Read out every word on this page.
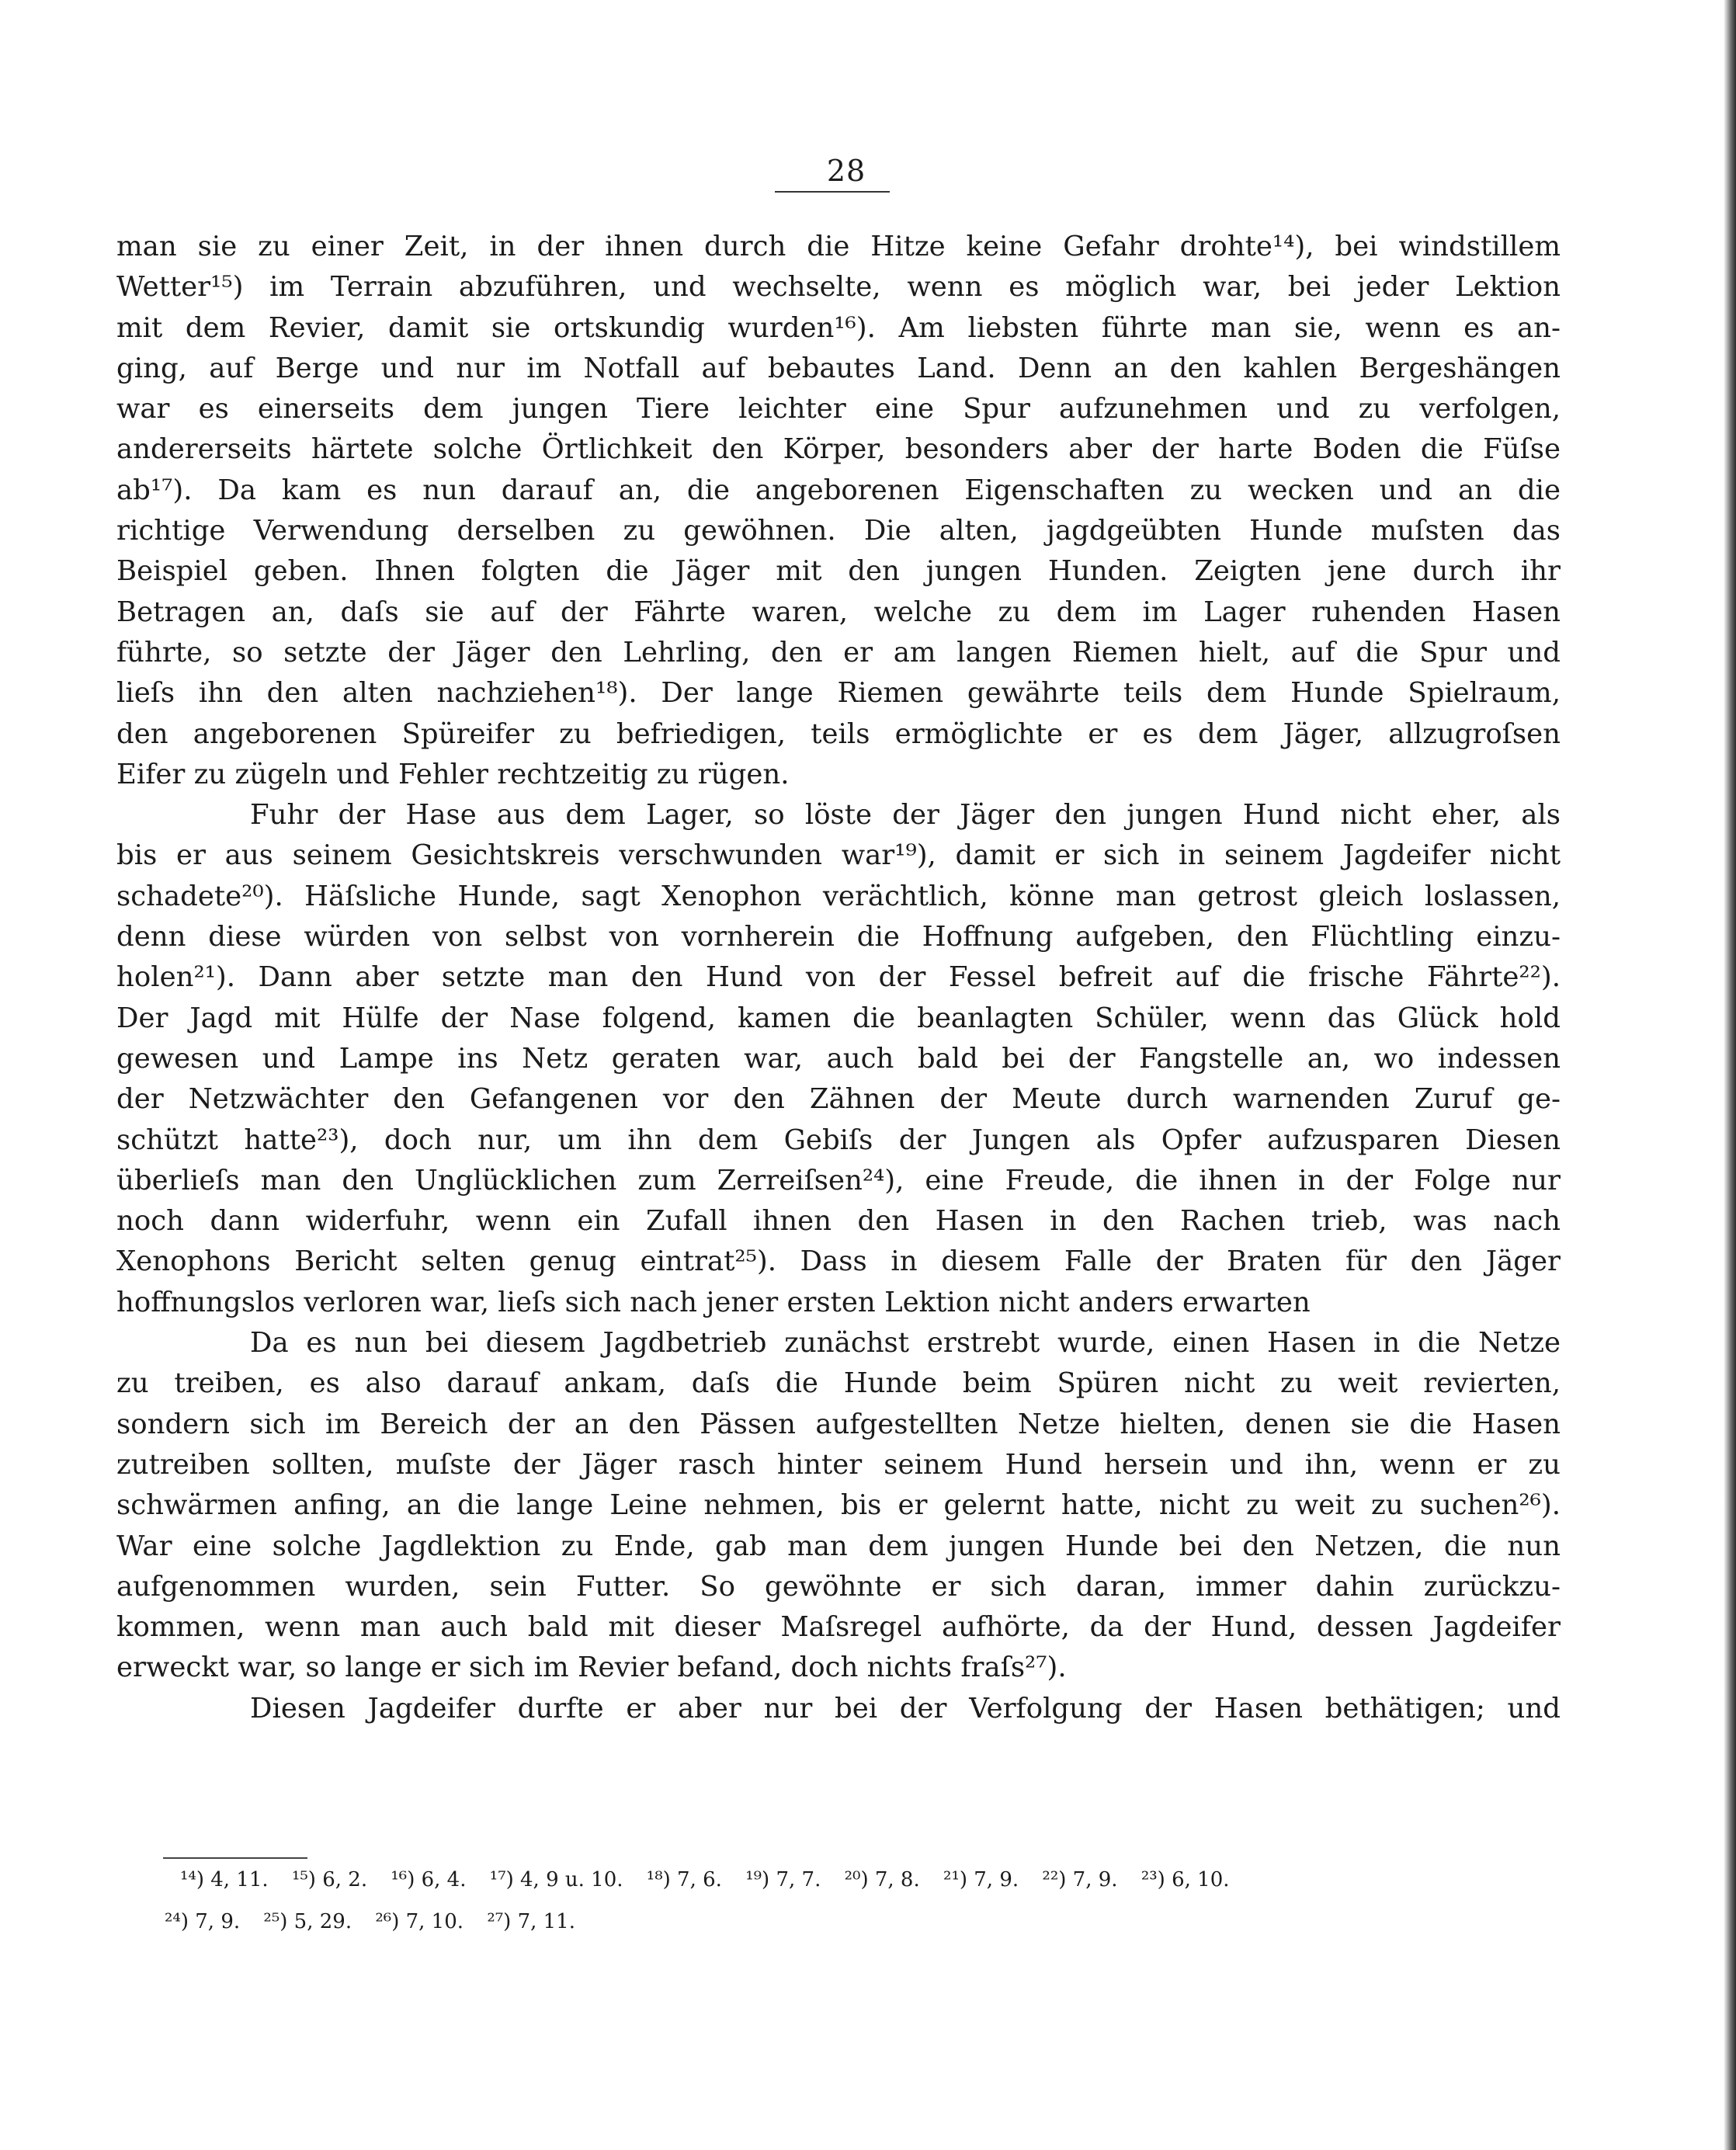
28
man sie zu einer Zeit, in der ihnen durch die Hitze keine Gefahr drohte¹⁴), bei windstillem
Wetter¹⁵) im Terrain abzuführen, und wechselte, wenn es möglich war, bei jeder Lektion
mit dem Revier, damit sie ortskundig wurden¹⁶). Am liebsten führte man sie, wenn es an-
ging, auf Berge und nur im Notfall auf bebautes Land. Denn an den kahlen Bergeshängen
war es einerseits dem jungen Tiere leichter eine Spur aufzunehmen und zu verfolgen,
andererseits härtete solche Örtlichkeit den Körper, besonders aber der harte Boden die Füſse
ab¹⁷). Da kam es nun darauf an, die angeborenen Eigenschaften zu wecken und an die
richtige Verwendung derselben zu gewöhnen. Die alten, jagdgeübten Hunde muſsten das
Beispiel geben. Ihnen folgten die Jäger mit den jungen Hunden. Zeigten jene durch ihr
Betragen an, daſs sie auf der Fährte waren, welche zu dem im Lager ruhenden Hasen
führte, so setzte der Jäger den Lehrling, den er am langen Riemen hielt, auf die Spur und
lieſs ihn den alten nachziehen¹⁸). Der lange Riemen gewährte teils dem Hunde Spielraum,
den angeborenen Spüreifer zu befriedigen, teils ermöglichte er es dem Jäger, allzugroſsen
Eifer zu zügeln und Fehler rechtzeitig zu rügen.
Fuhr der Hase aus dem Lager, so löste der Jäger den jungen Hund nicht eher, als
bis er aus seinem Gesichtskreis verschwunden war¹⁹), damit er sich in seinem Jagdeifer nicht
schadete²⁰). Häſsliche Hunde, sagt Xenophon verächtlich, könne man getrost gleich loslassen,
denn diese würden von selbst von vornherein die Hoffnung aufgeben, den Flüchtling einzu-
holen²¹). Dann aber setzte man den Hund von der Fessel befreit auf die frische Fährte²²).
Der Jagd mit Hülfe der Nase folgend, kamen die beanlagten Schüler, wenn das Glück hold
gewesen und Lampe ins Netz geraten war, auch bald bei der Fangstelle an, wo indessen
der Netzwächter den Gefangenen vor den Zähnen der Meute durch warnenden Zuruf ge-
schützt hatte²³), doch nur, um ihn dem Gebiſs der Jungen als Opfer aufzusparen Diesen
überlieſs man den Unglücklichen zum Zerreiſsen²⁴), eine Freude, die ihnen in der Folge nur
noch dann widerfuhr, wenn ein Zufall ihnen den Hasen in den Rachen trieb, was nach
Xenophons Bericht selten genug eintrat²⁵). Dass in diesem Falle der Braten für den Jäger
hoffnungslos verloren war, lieſs sich nach jener ersten Lektion nicht anders erwarten
Da es nun bei diesem Jagdbetrieb zunächst erstrebt wurde, einen Hasen in die Netze
zu treiben, es also darauf ankam, daſs die Hunde beim Spüren nicht zu weit revierten,
sondern sich im Bereich der an den Pässen aufgestellten Netze hielten, denen sie die Hasen
zutreiben sollten, muſste der Jäger rasch hinter seinem Hund hersein und ihn, wenn er zu
schwärmen anfing, an die lange Leine nehmen, bis er gelernt hatte, nicht zu weit zu suchen²⁶).
War eine solche Jagdlektion zu Ende, gab man dem jungen Hunde bei den Netzen, die nun
aufgenommen wurden, sein Futter. So gewöhnte er sich daran, immer dahin zurückzu-
kommen, wenn man auch bald mit dieser Maſsregel aufhörte, da der Hund, dessen Jagdeifer
erweckt war, so lange er sich im Revier befand, doch nichts fraſs²⁷).
Diesen Jagdeifer durfte er aber nur bei der Verfolgung der Hasen bethätigen; und
¹⁴) 4, 11. ¹⁵) 6, 2. ¹⁶) 6, 4. ¹⁷) 4, 9 u. 10. ¹⁸) 7, 6. ¹⁹) 7, 7. ²⁰) 7, 8. ²¹) 7, 9. ²²) 7, 9. ²³) 6, 10.
²⁴) 7, 9. ²⁵) 5, 29. ²⁶) 7, 10. ²⁷) 7, 11.
